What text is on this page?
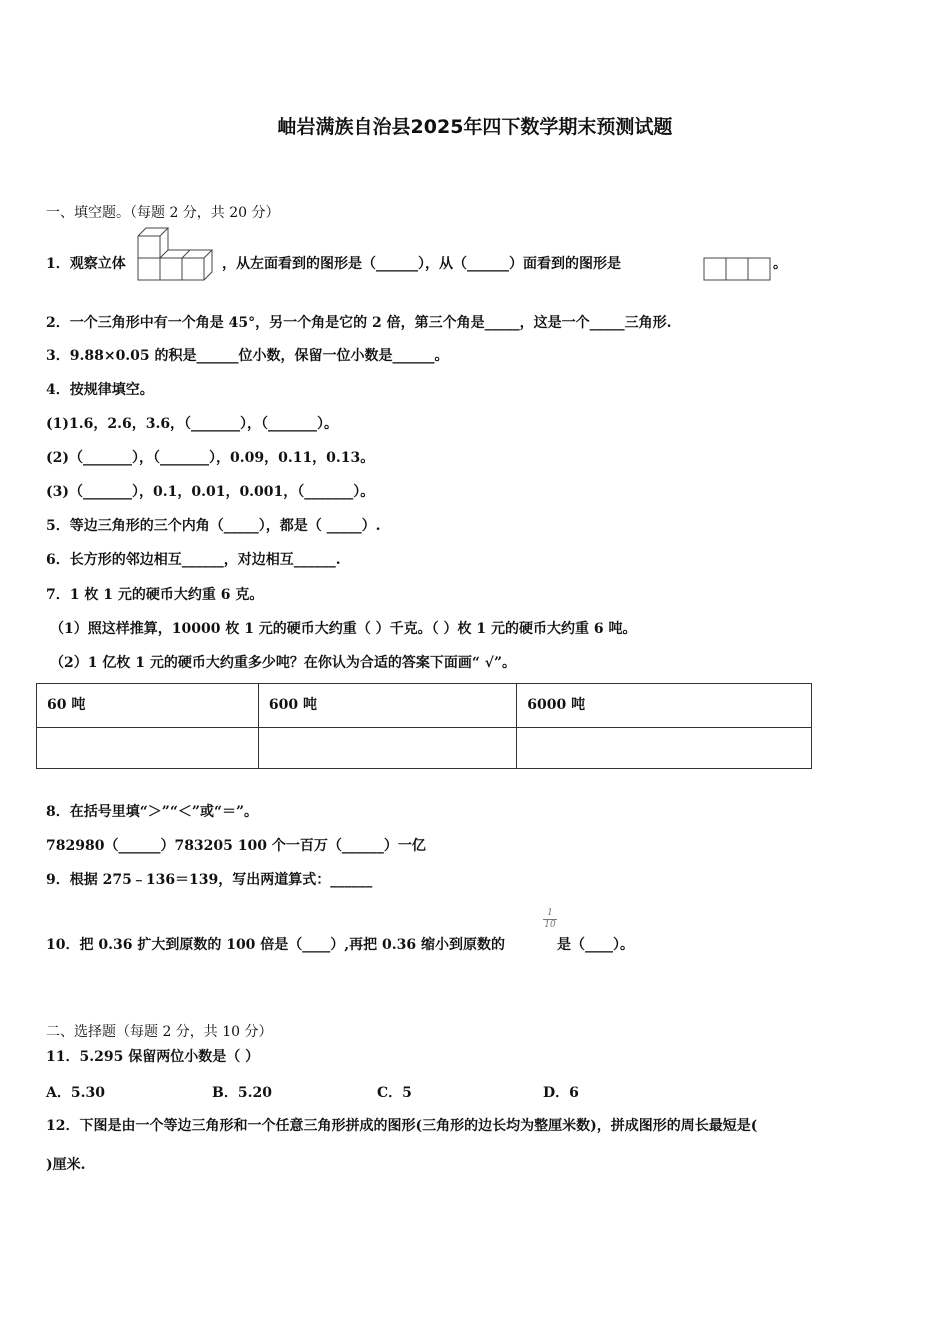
岫岩满族自治县2025年四下数学期末预测试题
一、填空题。（每题 2 分，共 20 分）
1．观察立体	，从左面看到的图形是（______），从（______）面看到的图形是	。
2．一个三角形中有一个角是 45°，另一个角是它的 2 倍，第三个角是_____，这是一个_____三角形.
3．9.88×0.05 的积是______位小数，保留一位小数是______。
4．按规律填空。
(1)1.6，2.6，3.6，（_______），（_______）。
(2)（_______），（_______），0.09，0.11，0.13。
(3)（_______），0.1，0.01，0.001，（_______）。
5．等边三角形的三个内角（_____），都是（ _____）.
6．长方形的邻边相互______，对边相互______.
7．1 枚 1 元的硬币大约重 6 克。
（1）照这样推算，10000 枚 1 元的硬币大约重（ ）千克。（ ）枚 1 元的硬币大约重 6 吨。
（2）1 亿枚 1 元的硬币大约重多少吨？在你认为合适的答案下面画“ √”。
60 吨	600 吨	6000 吨

8．在括号里填“＞”“＜”或“＝”。
782980（______）783205 100 个一百万（______）一亿
9．根据 275﹣136＝139，写出两道算式：______
10．把 0.36 扩大到原数的 100 倍是（____）,再把 0.36 缩小到原数的
$\frac{1}{10}$
是（____）。
二、选择题（每题 2 分，共 10 分）
11．5.295 保留两位小数是（ ）
A．5.30	B．5.20	C．5	D．6
12．下图是由一个等边三角形和一个任意三角形拼成的图形(三角形的边长均为整厘米数)，拼成图形的周长最短是(
)厘米.
